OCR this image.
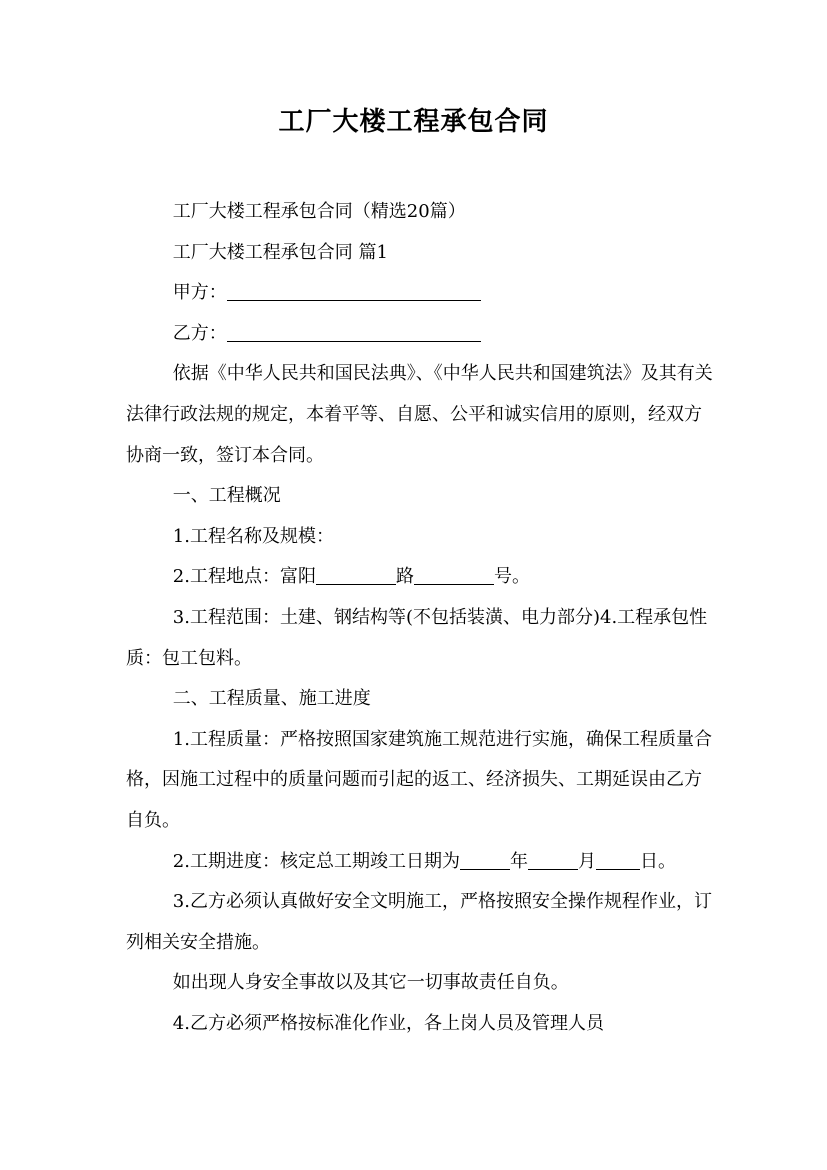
工厂大楼工程承包合同

工厂大楼工程承包合同（精选20篇）

工厂大楼工程承包合同 篇1

甲方：

乙方：

依据《中华人民共和国民法典》、《中华人民共和国建筑法》及其有关法律行政法规的规定，本着平等、自愿、公平和诚实信用的原则，经双方协商一致，签订本合同。

一、工程概况

1.工程名称及规模：

2.工程地点：富阳	路	号。

3.工程范围：土建、钢结构等(不包括装潢、电力部分)4.工程承包性质：包工包料。

二、工程质量、施工进度

1.工程质量：严格按照国家建筑施工规范进行实施，确保工程质量合格，因施工过程中的质量问题而引起的返工、经济损失、工期延误由乙方自负。

2.工期进度：核定总工期竣工日期为	年	月 日。

3.乙方必须认真做好安全文明施工，严格按照安全操作规程作业，订列相关安全措施。

如出现人身安全事故以及其它一切事故责任自负。

4.乙方必须严格按标准化作业，各上岗人员及管理人员
